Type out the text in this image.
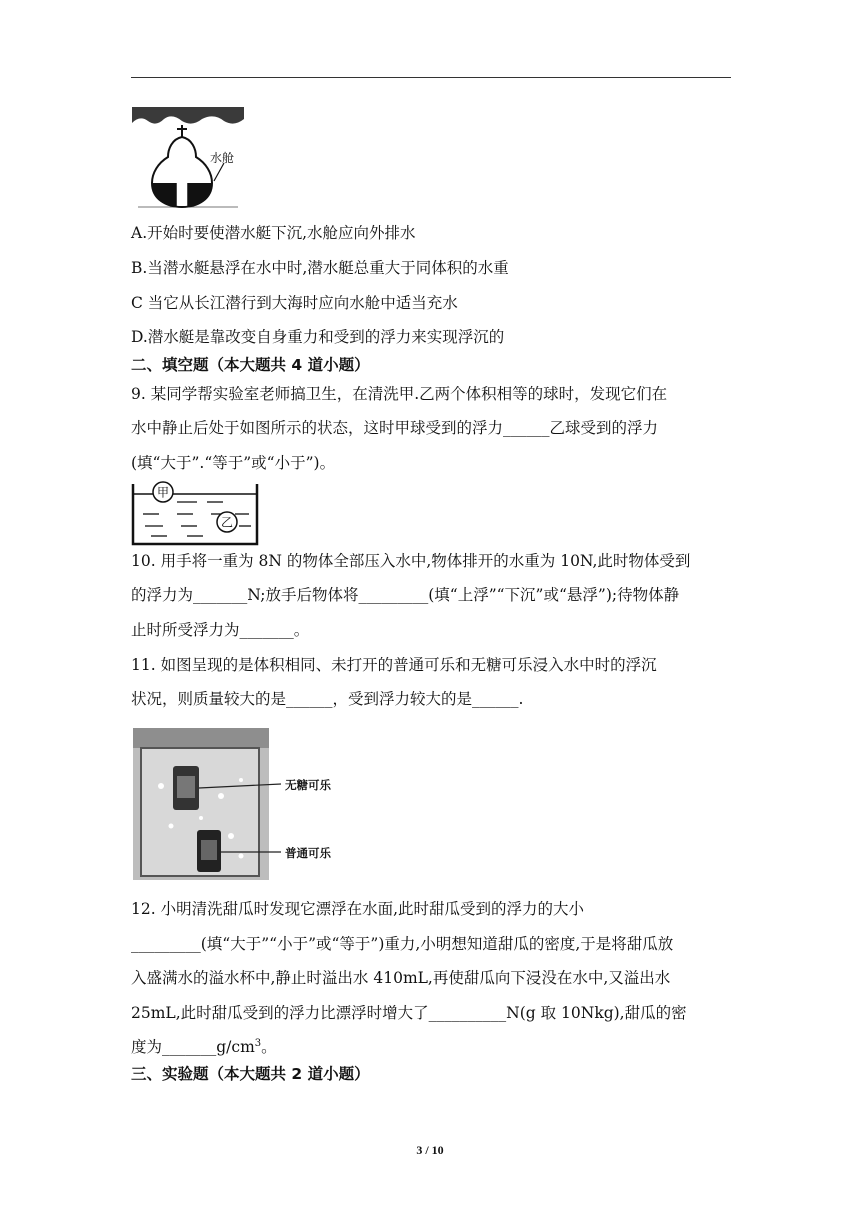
水舱
A.开始时要使潜水艇下沉,水舱应向外排水
B.当潜水艇悬浮在水中时,潜水艇总重大于同体积的水重
C 当它从长江潜行到大海时应向水舱中适当充水
D.潜水艇是靠改变自身重力和受到的浮力来实现浮沉的
二、填空题（本大题共 4 道小题）
9. 某同学帮实验室老师搞卫生，在清洗甲.乙两个体积相等的球时，发现它们在
水中静止后处于如图所示的状态，这时甲球受到的浮力______乙球受到的浮力
(填“大于”.“等于”或“小于”)。
甲
乙
10. 用手将一重为 8N 的物体全部压入水中,物体排开的水重为 10N,此时物体受到
的浮力为_______N;放手后物体将_________(填“上浮”“下沉”或“悬浮”);待物体静
止时所受浮力为_______。
11. 如图呈现的是体积相同、未打开的普通可乐和无糖可乐浸入水中时的浮沉
状况，则质量较大的是______，受到浮力较大的是______.
无糖可乐
普通可乐
12. 小明清洗甜瓜时发现它漂浮在水面,此时甜瓜受到的浮力的大小
_________(填“大于”“小于”或“等于”)重力,小明想知道甜瓜的密度,于是将甜瓜放
入盛满水的溢水杯中,静止时溢出水 410mL,再使甜瓜向下浸没在水中,又溢出水
25mL,此时甜瓜受到的浮力比漂浮时增大了__________N(g 取 10Nkg),甜瓜的密
度为$\_\_\_\_\_\_\_g/cm^3$。
三、实验题（本大题共 2 道小题）
3 / 10
